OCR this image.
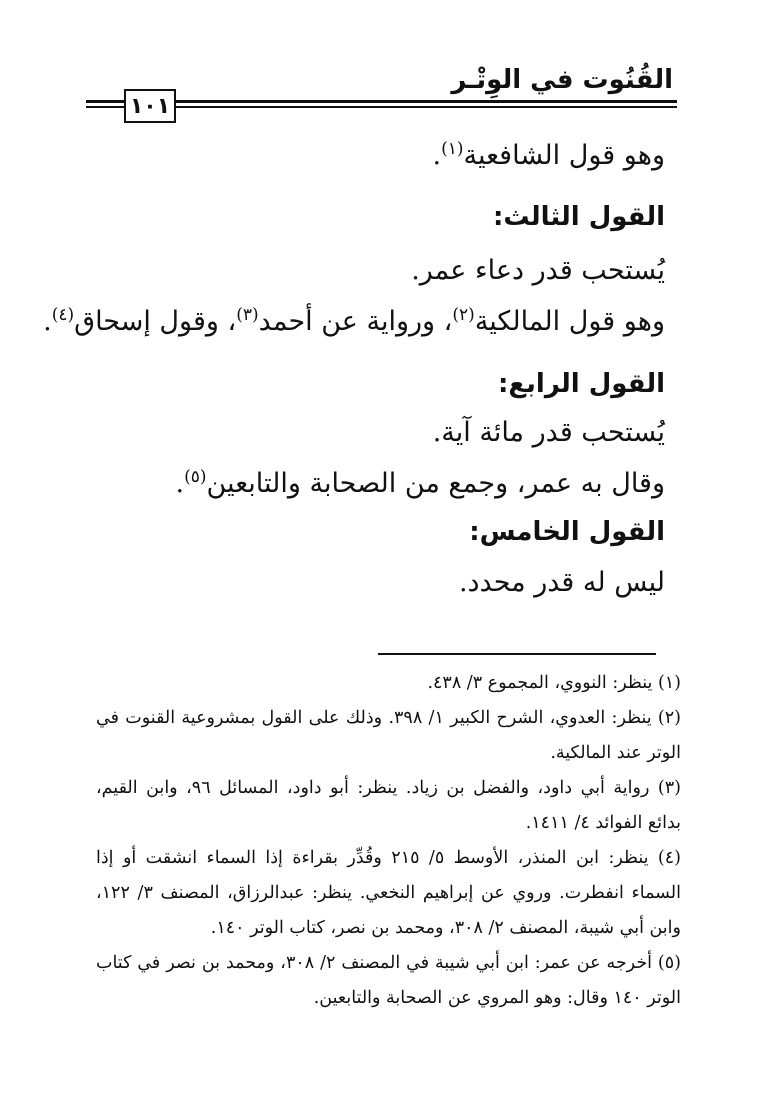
القُنُوت في الوِتْـر
١٠١
وهو قول الشافعية$^{(١)}$.
القول الثالث:
يُستحب قدر دعاء عمر.
وهو قول المالكية$^{(٢)}$، ورواية عن أحمد$^{(٣)}$، وقول إسحاق$^{(٤)}$.
القول الرابع:
يُستحب قدر مائة آية.
وقال به عمر، وجمع من الصحابة والتابعين$^{(٥)}$.
القول الخامس:
ليس له قدر محدد.
(١) ينظر: النووي، المجموع ٣/ ٤٣٨.
(٢) ينظر: العدوي، الشرح الكبير ١/ ٣٩٨. وذلك على القول بمشروعية القنوت في الوتر عند المالكية.
(٣) رواية أبي داود، والفضل بن زياد. ينظر: أبو داود، المسائل ٩٦، وابن القيم، بدائع الفوائد ٤/ ١٤١١.
(٤) ينظر: ابن المنذر، الأوسط ٥/ ٢١٥ وقُدِّر بقراءة إذا السماء انشقت أو إذا السماء انفطرت. وروي عن إبراهيم النخعي. ينظر: عبدالرزاق، المصنف ٣/ ١٢٢، وابن أبي شيبة، المصنف ٢/ ٣٠٨، ومحمد بن نصر، كتاب الوتر ١٤٠.
(٥) أخرجه عن عمر: ابن أبي شيبة في المصنف ٢/ ٣٠٨، ومحمد بن نصر في كتاب الوتر ١٤٠ وقال: وهو المروي عن الصحابة والتابعين.
